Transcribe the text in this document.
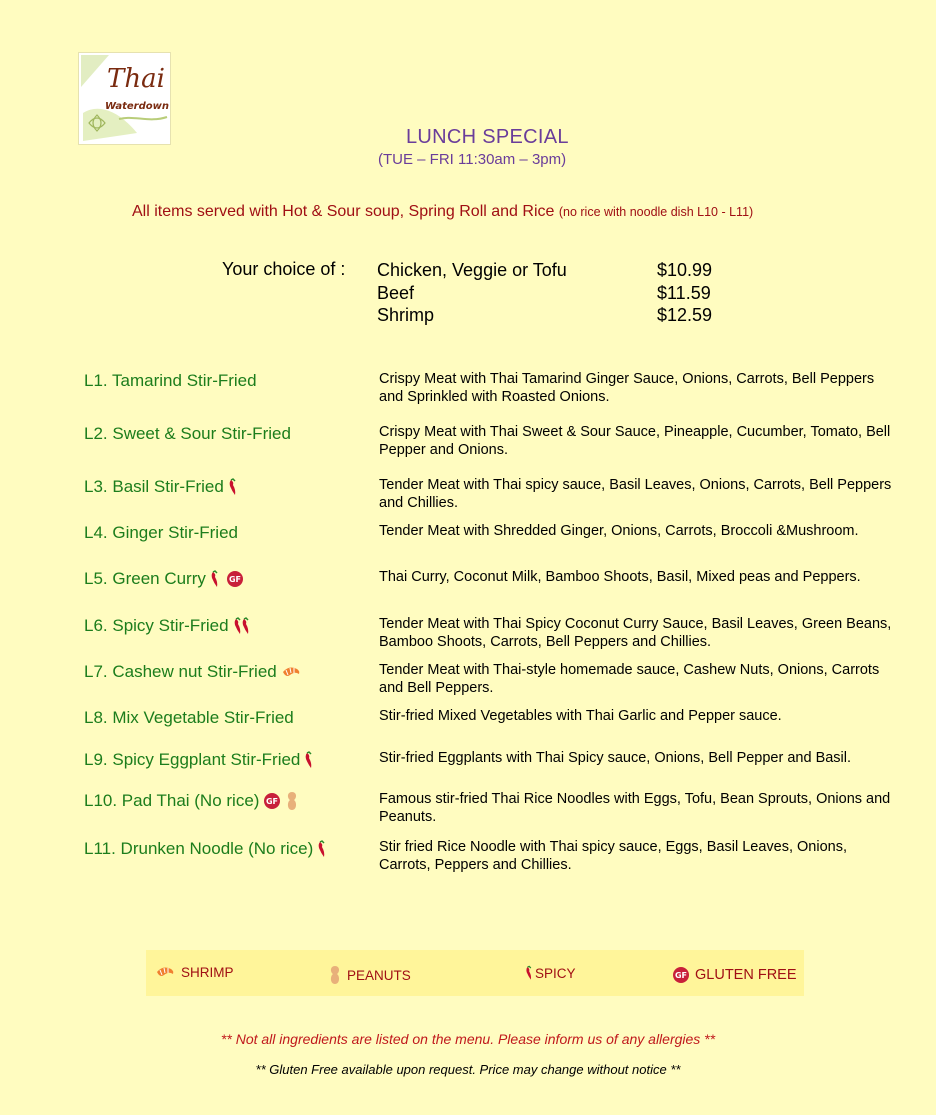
Thai
Waterdown
LUNCH SPECIAL
(TUE – FRI 11:30am – 3pm)
All items served with Hot & Sour soup, Spring Roll and Rice (no rice with noodle dish L10 - L11)
Your choice of : Chicken, Veggie or Tofu	$10.99
Beef	$11.59
Shrimp	$12.59
L1. Tamarind Stir-Fried	Crispy Meat with Thai Tamarind Ginger Sauce, Onions, Carrots, Bell Peppers and Sprinkled with Roasted Onions.
L2. Sweet & Sour Stir-Fried	Crispy Meat with Thai Sweet & Sour Sauce, Pineapple, Cucumber, Tomato, Bell Pepper and Onions.
L3. Basil Stir-Fried	Tender Meat with Thai spicy sauce, Basil Leaves, Onions, Carrots, Bell Peppers and Chillies.
L4. Ginger Stir-Fried	Tender Meat with Shredded Ginger, Onions, Carrots, Broccoli &Mushroom.
L5. Green Curry	GF	Thai Curry, Coconut Milk, Bamboo Shoots, Basil, Mixed peas and Peppers.
L6. Spicy Stir-Fried	Tender Meat with Thai Spicy Coconut Curry Sauce, Basil Leaves, Green Beans, Bamboo Shoots, Carrots, Bell Peppers and Chillies.
L7. Cashew nut Stir-Fried	Tender Meat with Thai-style homemade sauce, Cashew Nuts, Onions, Carrots and Bell Peppers.
L8. Mix Vegetable Stir-Fried	Stir-fried Mixed Vegetables with Thai Garlic and Pepper sauce.
L9. Spicy Eggplant Stir-Fried	Stir-fried Eggplants with Thai Spicy sauce, Onions, Bell Pepper and Basil.
L10. Pad Thai (No rice) GF	Famous stir-fried Thai Rice Noodles with Eggs, Tofu, Bean Sprouts, Onions and Peanuts.
L11. Drunken Noodle (No rice)	Stir fried Rice Noodle with Thai spicy sauce, Eggs, Basil Leaves, Onions, Carrots, Peppers and Chillies.
SHRIMP	PEANUTS	SPICY	GF GLUTEN FREE
** Not all ingredients are listed on the menu. Please inform us of any allergies **
** Gluten Free available upon request. Price may change without notice **
